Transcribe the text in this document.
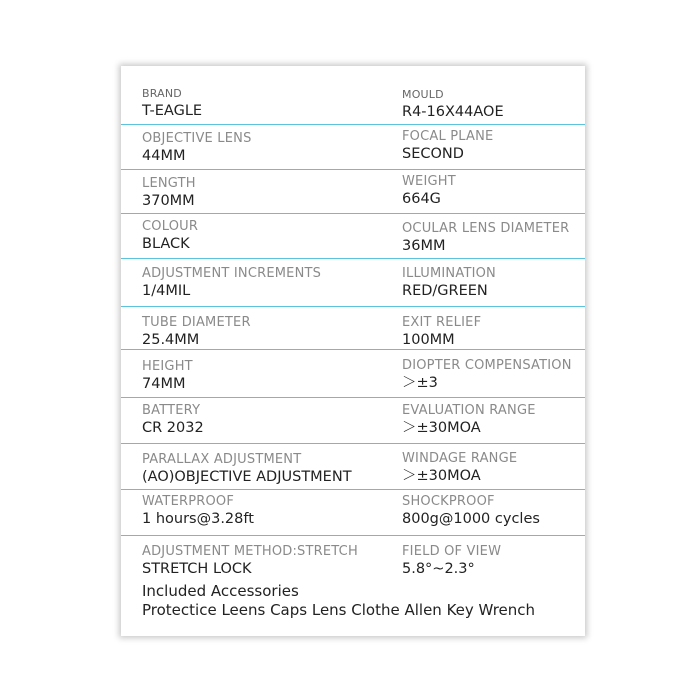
BRAND
T-EAGLE
MOULD
R4-16X44AOE
OBJECTIVE LENS
44MM
FOCAL PLANE
SECOND
LENGTH
370MM
WEIGHT
664G
COLOUR
BLACK
OCULAR LENS DIAMETER
36MM
ADJUSTMENT INCREMENTS
1/4MIL
ILLUMINATION
RED/GREEN
TUBE DIAMETER
25.4MM
EXIT RELIEF
100MM
HEIGHT
74MM
DIOPTER COMPENSATION
＞±3
BATTERY
CR 2032
EVALUATION RANGE
＞±30MOA
PARALLAX ADJUSTMENT
(AO)OBJECTIVE ADJUSTMENT
WINDAGE RANGE
＞±30MOA
WATERPROOF
1 hours@3.28ft
SHOCKPROOF
800g@1000 cycles
ADJUSTMENT METHOD:STRETCH
STRETCH LOCK
FIELD OF VIEW
5.8°~2.3°
Included Accessories
Protectice Leens Caps Lens Clothe Allen Key Wrench
